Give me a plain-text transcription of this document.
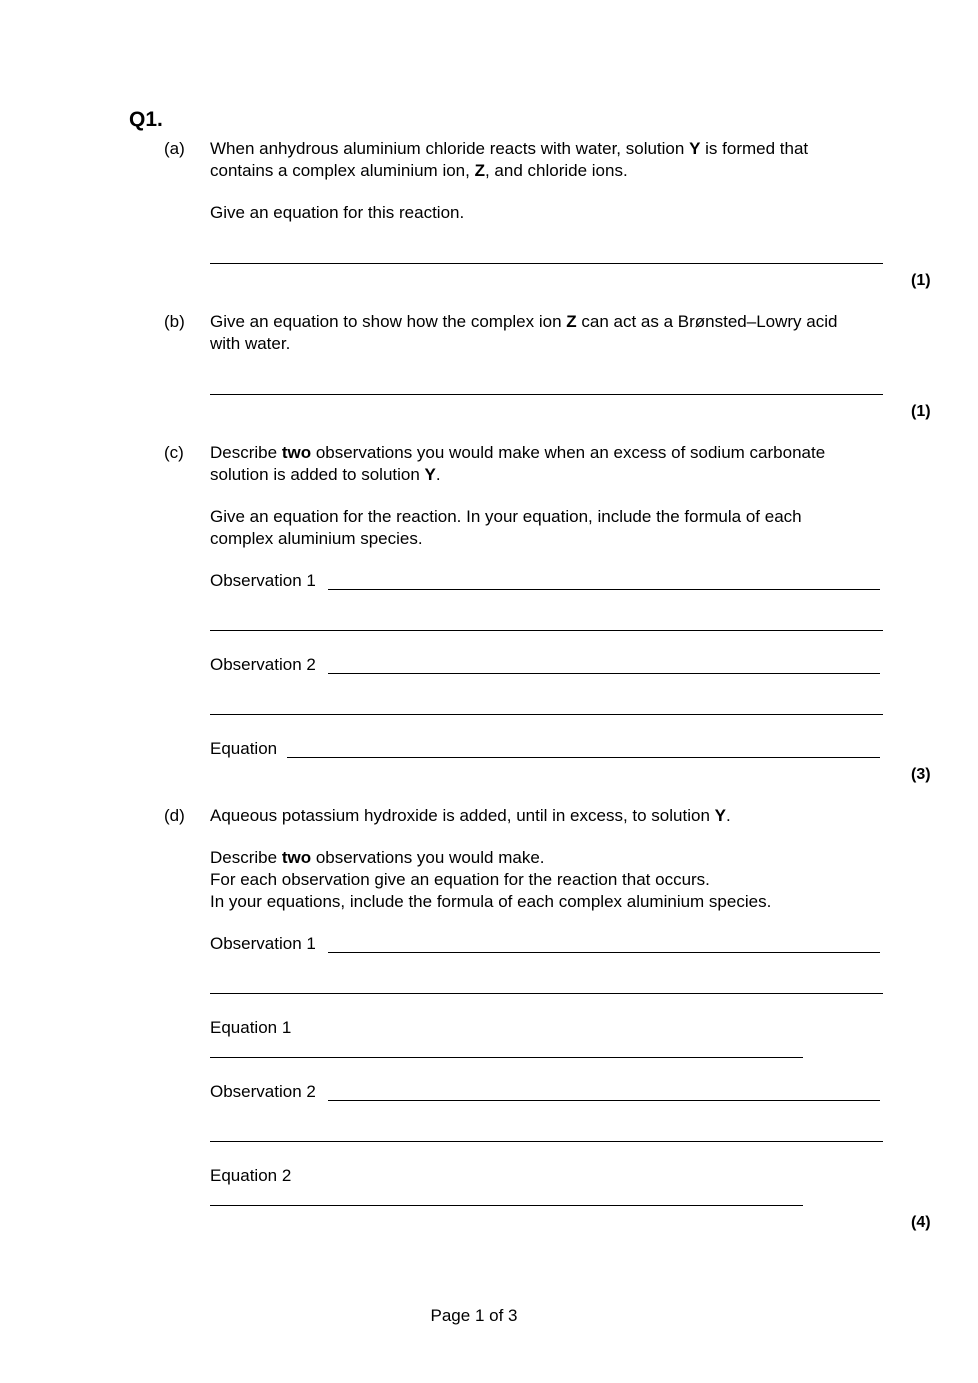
Q1.
(a) When anhydrous aluminium chloride reacts with water, solution Y is formed that
contains a complex aluminium ion, Z, and chloride ions.
Give an equation for this reaction.
(1)
(b) Give an equation to show how the complex ion Z can act as a Brønsted–Lowry acid
with water.
(1)
(c) Describe two observations you would make when an excess of sodium carbonate
solution is added to solution Y.
Give an equation for the reaction. In your equation, include the formula of each
complex aluminium species.
Observation 1
Observation 2
Equation
(3)
(d) Aqueous potassium hydroxide is added, until in excess, to solution Y.
Describe two observations you would make.
For each observation give an equation for the reaction that occurs.
In your equations, include the formula of each complex aluminium species.
Observation 1
Equation 1
Observation 2
Equation 2
(4)
Page 1 of 3
